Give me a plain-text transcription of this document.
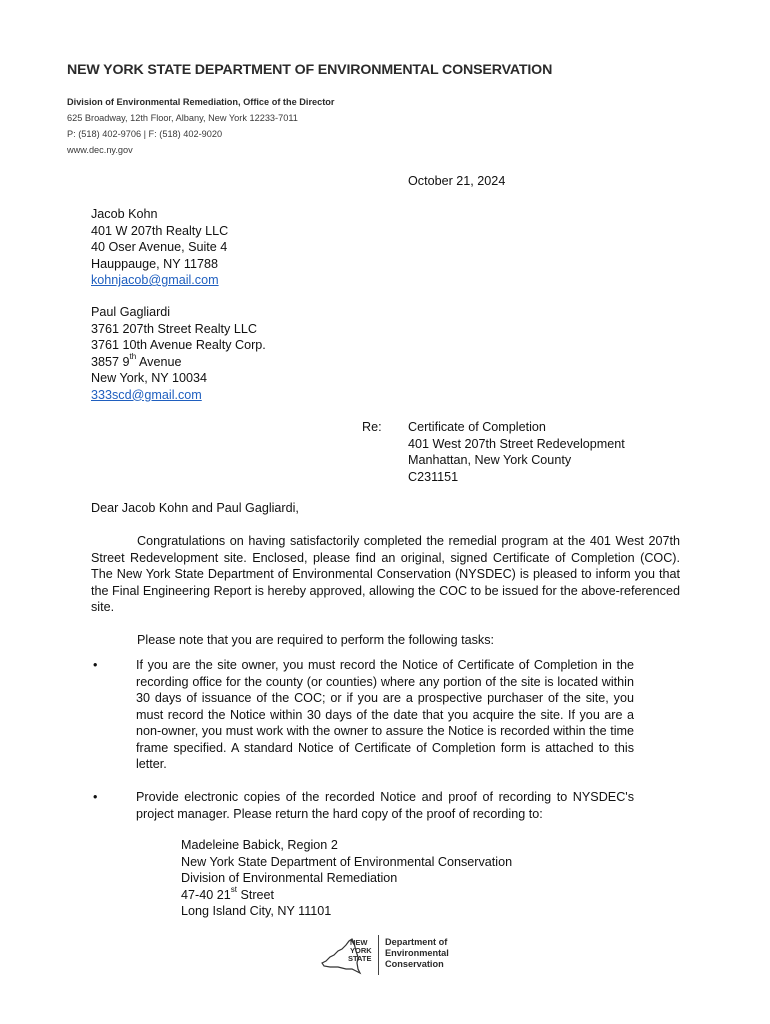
NEW YORK STATE DEPARTMENT OF ENVIRONMENTAL CONSERVATION
Division of Environmental Remediation, Office of the Director
625 Broadway, 12th Floor, Albany, New York 12233-7011
P: (518) 402-9706 | F: (518) 402-9020
www.dec.ny.gov
October 21, 2024
Jacob Kohn
401 W 207th Realty LLC
40 Oser Avenue, Suite 4
Hauppauge, NY 11788
kohnjacob@gmail.com
Paul Gagliardi
3761 207th Street Realty LLC
3761 10th Avenue Realty Corp.
3857 9th Avenue
New York, NY 10034
333scd@gmail.com
Re: Certificate of Completion
401 West 207th Street Redevelopment
Manhattan, New York County
C231151
Dear Jacob Kohn and Paul Gagliardi,
Congratulations on having satisfactorily completed the remedial program at the 401 West 207th Street Redevelopment site. Enclosed, please find an original, signed Certificate of Completion (COC). The New York State Department of Environmental Conservation (NYSDEC) is pleased to inform you that the Final Engineering Report is hereby approved, allowing the COC to be issued for the above-referenced site.
Please note that you are required to perform the following tasks:
•	If you are the site owner, you must record the Notice of Certificate of Completion in the recording office for the county (or counties) where any portion of the site is located within 30 days of issuance of the COC; or if you are a prospective purchaser of the site, you must record the Notice within 30 days of the date that you acquire the site. If you are a non-owner, you must work with the owner to assure the Notice is recorded within the time frame specified. A standard Notice of Certificate of Completion form is attached to this letter.
•	Provide electronic copies of the recorded Notice and proof of recording to NYSDEC's project manager. Please return the hard copy of the proof of recording to:
Madeleine Babick, Region 2
New York State Department of Environmental Conservation
Division of Environmental Remediation
47-40 21st Street
Long Island City, NY 11101
NEW
YORK
STATE
Department of
Environmental
Conservation
